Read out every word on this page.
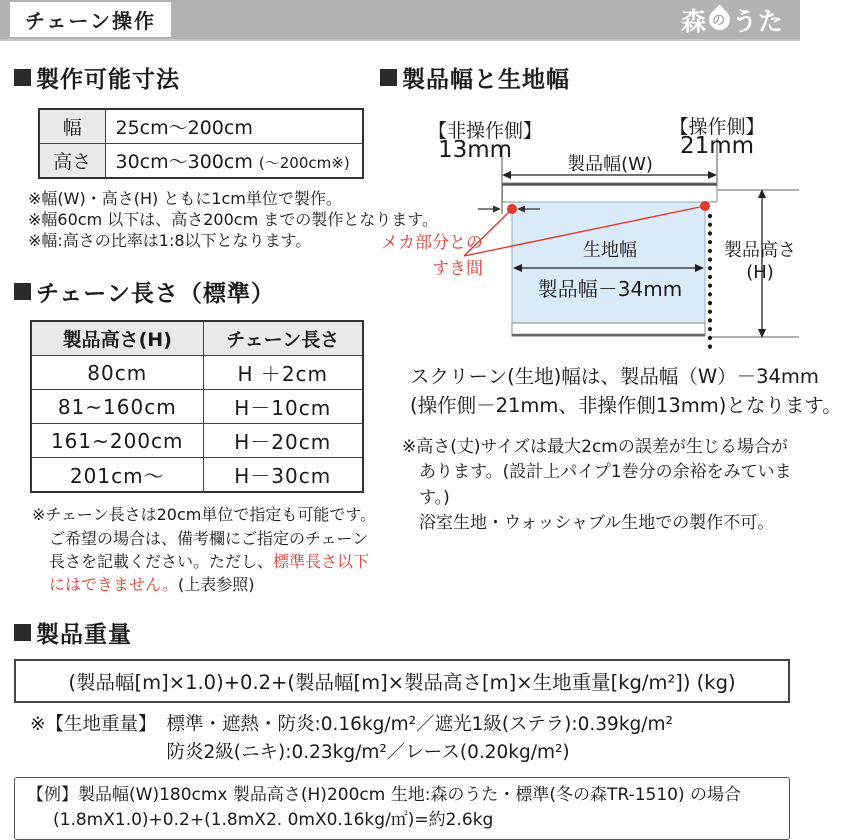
チェーン操作	森 の うた
製作可能寸法
幅	25cm〜200cm
高さ	30cm〜300cm (〜200cm※)
※幅(W)・高さ(H) ともに1cm単位で製作。
※幅60cm 以下は、高さ200cm までの製作となります。
※幅:高さの比率は1:8以下となります。
チェーン長さ（標準）
製品高さ(H)	チェーン長さ
80cm	H ＋2cm
81~160cm	H－10cm
161~200cm	H－20cm
201cm〜	H－30cm

※チェーン長さは20cm単位で指定も可能です。ご希望の場合は、備考欄にご指定のチェーン長さを記載ください。ただし、標準長さ以下にはできません。(上表参照)

製品幅と生地幅
【非操作側】
13mm
【操作側】
21mm
製品幅(W)
生地幅
製品幅－34mm
製品高さ
(H)
メカ部分との
すき間
スクリーン(生地)幅は、製品幅（W）－34mm
(操作側－21mm、非操作側13mm)となります。
※高さ(丈)サイズは最大2cmの誤差が生じる場合が
あります。(設計上パイプ1巻分の余裕をみています。)
浴室生地・ウォッシャブル生地での製作不可。
製品重量
(製品幅[m]×1.0)+0.2+(製品幅[m]×製品高さ[m]×生地重量[kg/m²]) (kg)
※【生地重量】 標準・遮熱・防炎:0.16kg/m²／遮光1級(ステラ):0.39kg/m²
防炎2級(ニキ):0.23kg/m²／レース(0.20kg/m²)
【例】製品幅(W)180cmx 製品高さ(H)200cm 生地:森のうた・標準(冬の森TR-1510) の場合
(1.8mX1.0)+0.2+(1.8mX2. 0mX0.16kg/㎡)=約2.6kg
